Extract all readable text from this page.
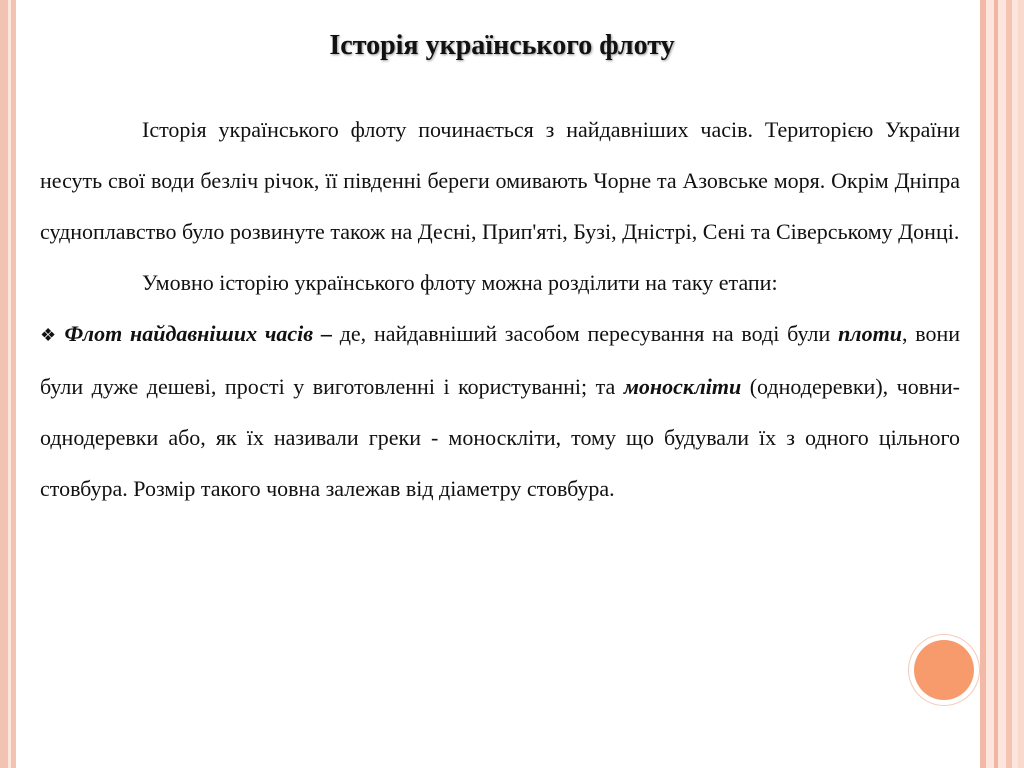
Історія українського флоту

Історія українського флоту починається з найдавніших часів. Територією України несуть свої води безліч річок, її південні береги омивають Чорне та Азовське моря. Окрім Дніпра судноплавство було розвинуте також на Десні, Прип'яті, Бузі, Дністрі, Сені та Сіверському Донці.

Умовно історію українського флоту можна розділити на таку етапи:

❖ Флот найдавніших часів – де, найдавніший засобом пересування на воді були плоти, вони були дуже дешеві, прості у виготовленні і користуванні; та моноскліти (однодеревки), човни-однодеревки або, як їх називали греки - моноскліти, тому що будували їх з одного цільного стовбура. Розмір такого човна залежав від діаметру стовбура.
